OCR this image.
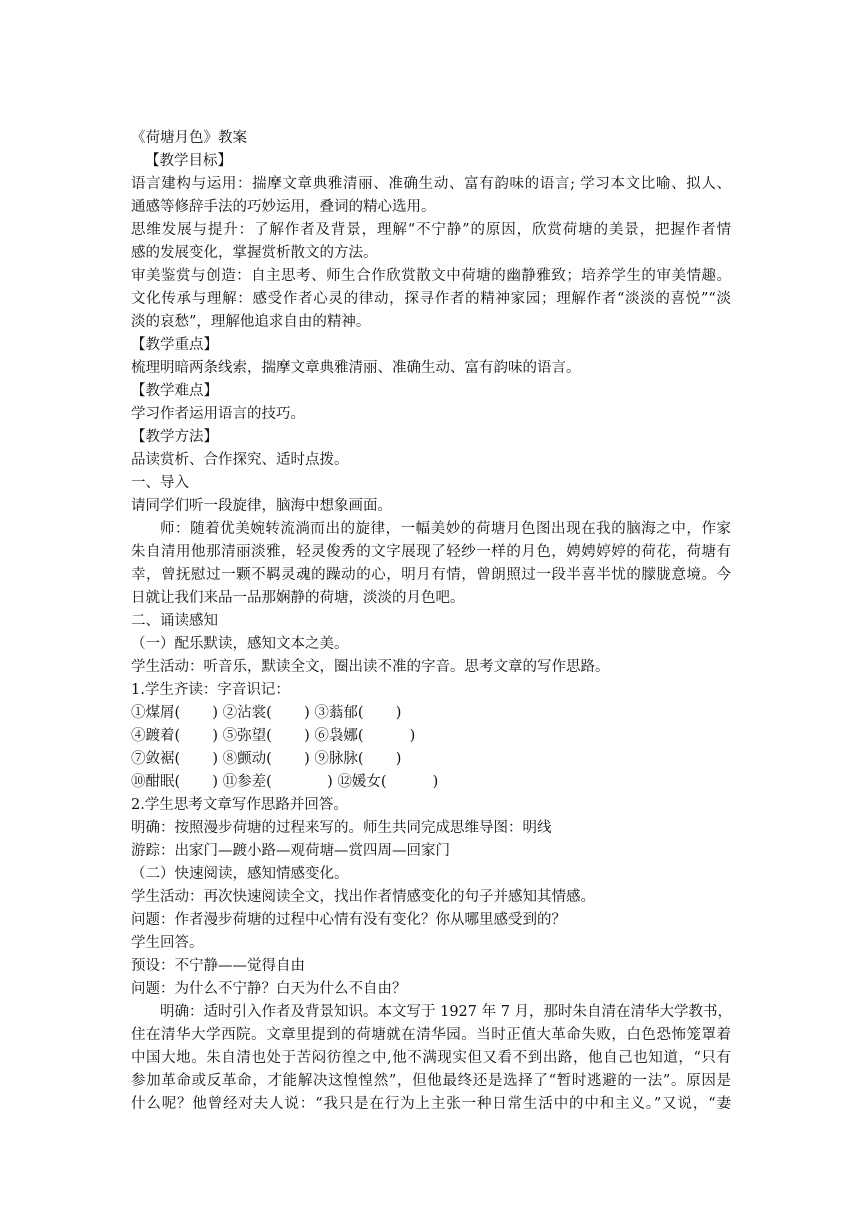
《荷塘月色》教案
【教学目标】
语言建构与运用：揣摩文章典雅清丽、准确生动、富有韵味的语言; 学习本文比喻、拟人、
通感等修辞手法的巧妙运用，叠词的精心选用。
思维发展与提升：了解作者及背景，理解“不宁静”的原因，欣赏荷塘的美景，把握作者情
感的发展变化，掌握赏析散文的方法。
审美鉴赏与创造：自主思考、师生合作欣赏散文中荷塘的幽静雅致；培养学生的审美情趣。
文化传承与理解：感受作者心灵的律动，探寻作者的精神家园；理解作者“淡淡的喜悦”“淡
淡的哀愁”，理解他追求自由的精神。
【教学重点】
梳理明暗两条线索，揣摩文章典雅清丽、准确生动、富有韵味的语言。
【教学难点】
学习作者运用语言的技巧。
【教学方法】
品读赏析、合作探究、适时点拨。
一、导入
请同学们听一段旋律，脑海中想象画面。
师：随着优美婉转流淌而出的旋律，一幅美妙的荷塘月色图出现在我的脑海之中，作家
朱自清用他那清丽淡雅，轻灵俊秀的文字展现了轻纱一样的月色，娉娉婷婷的荷花，荷塘有
幸，曾抚慰过一颗不羁灵魂的躁动的心，明月有情，曾朗照过一段半喜半忧的朦胧意境。今
日就让我们来品一品那娴静的荷塘，淡淡的月色吧。
二、诵读感知
（一）配乐默读，感知文本之美。
学生活动：听音乐，默读全文，圈出读不准的字音。思考文章的写作思路。
1.学生齐读：字音识记：
①煤屑(       ) ②沾裳(       ) ③蓊郁(       )
④踱着(       ) ⑤弥望(       ) ⑥袅娜(          )
⑦敛裾(       ) ⑧颤动(       ) ⑨脉脉(       )
⑩酣眠(       ) ⑪参差(            ) ⑫媛女(          )
2.学生思考文章写作思路并回答。
明确：按照漫步荷塘的过程来写的。师生共同完成思维导图：明线
游踪：出家门—踱小路—观荷塘—赏四周—回家门
（二）快速阅读，感知情感变化。
学生活动：再次快速阅读全文，找出作者情感变化的句子并感知其情感。
问题：作者漫步荷塘的过程中心情有没有变化？你从哪里感受到的？
学生回答。
预设：不宁静——觉得自由
问题：为什么不宁静？白天为什么不自由？
明确：适时引入作者及背景知识。本文写于 1927 年 7 月，那时朱自清在清华大学教书，
住在清华大学西院。文章里提到的荷塘就在清华园。当时正值大革命失败，白色恐怖笼罩着
中国大地。朱自清也处于苦闷彷徨之中,他不满现实但又看不到出路，他自己也知道，“只有
参加革命或反革命，才能解决这惶惶然”，但他最终还是选择了“暂时逃避的一法”。原因是
什么呢？他曾经对夫人说：“我只是在行为上主张一种日常生活中的中和主义。”又说，“妻
